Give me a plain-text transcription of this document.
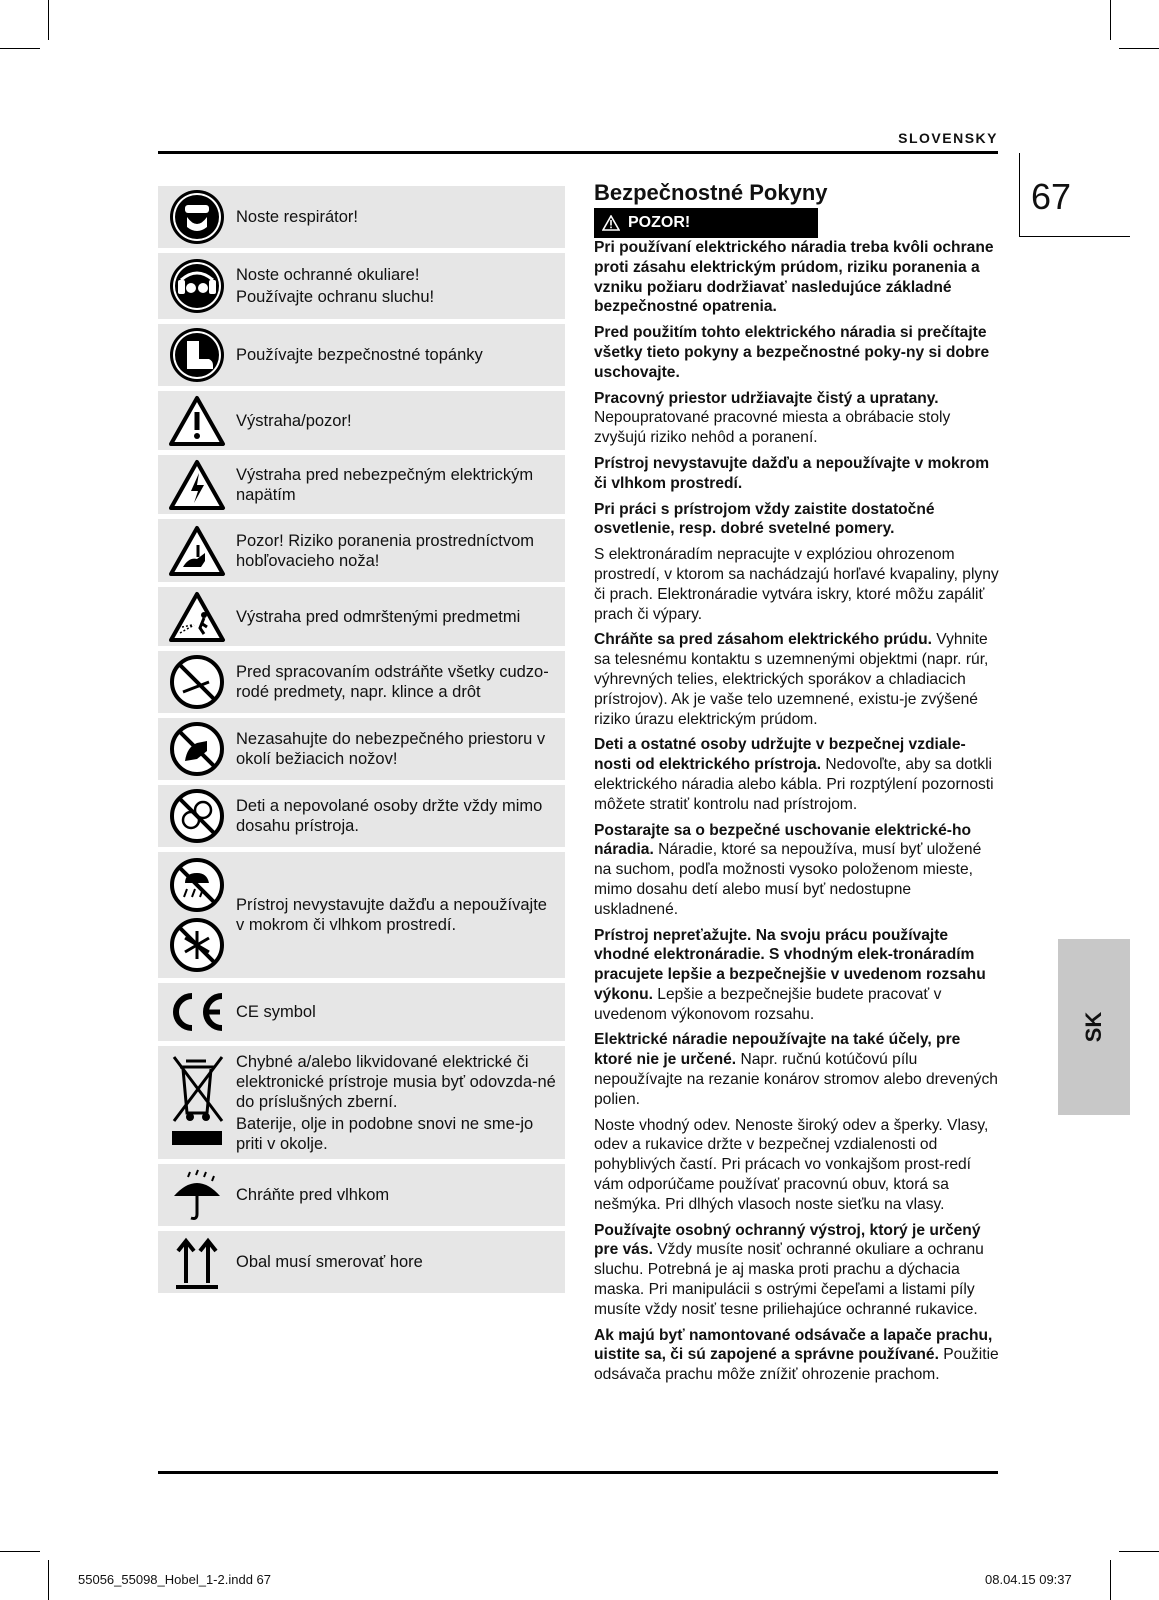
SLOVENSKY
67
SK
Noste respirátor!
Noste ochranné okuliare!
Používajte ochranu sluchu!
Používajte bezpečnostné topánky
Výstraha/pozor!
Výstraha pred nebezpečným elektrickým napätím
Pozor! Riziko poranenia prostredníctvom hobľovacieho noža!
Výstraha pred odmrštenými predmetmi
Pred spracovaním odstráňte všetky cudzo-rodé predmety, napr. klince a drôt
Nezasahujte do nebezpečného priestoru v okolí bežiacich nožov!
Deti a nepovolané osoby držte vždy mimo dosahu prístroja.
Prístroj nevystavujte dažďu a nepoužívajte v mokrom či vlhkom prostredí.
CE symbol
Chybné a/alebo likvidované elektrické či elektronické prístroje musia byť odovzda-né do príslušných zberní.
Baterije, olje in podobne snovi ne sme-jo priti v okolje.
Chráňte pred vlhkom
Obal musí smerovať hore
Bezpečnostné Pokyny
POZOR!
Pri používaní elektrického náradia treba kvôli ochrane proti zásahu elektrickým prúdom, riziku poranenia a vzniku požiaru dodržiavať nasledujúce základné bezpečnostné opatrenia.
Pred použitím tohto elektrického náradia si prečítajte všetky tieto pokyny a bezpečnostné poky-ny si dobre uschovajte.
Pracovný priestor udržiavajte čistý a upratany. Nepoupratované pracovné miesta a obrábacie stoly zvyšujú riziko nehôd a poranení.
Prístroj nevystavujte dažďu a nepoužívajte v mokrom či vlhkom prostredí.
Pri práci s prístrojom vždy zaistite dostatočné osvetlenie, resp. dobré svetelné pomery.
S elektronáradím nepracujte v explóziou ohrozenom prostredí, v ktorom sa nachádzajú horľavé kvapaliny, plyny či prach. Elektronáradie vytvára iskry, ktoré môžu zapáliť prach či výpary.
Chráňte sa pred zásahom elektrického prúdu. Vyhnite sa telesnému kontaktu s uzemnenými objektmi (napr. rúr, výhrevných telies, elektrických sporákov a chladiacich prístrojov). Ak je vaše telo uzemnené, existu-je zvýšené riziko úrazu elektrickým prúdom.
Deti a ostatné osoby udržujte v bezpečnej vzdiale-nosti od elektrického prístroja. Nedovoľte, aby sa dotkli elektrického náradia alebo kábla. Pri rozptýlení pozornosti môžete stratiť kontrolu nad prístrojom.
Postarajte sa o bezpečné uschovanie elektrické-ho náradia. Náradie, ktoré sa nepoužíva, musí byť uložené na suchom, podľa možnosti vysoko položenom mieste, mimo dosahu detí alebo musí byť nedostupne uskladnené.
Prístroj nepreťažujte. Na svoju prácu používajte vhodné elektronáradie. S vhodným elek-tronáradím pracujete lepšie a bezpečnejšie v uvedenom rozsahu výkonu. Lepšie a bezpečnejšie budete pracovať v uvedenom výkonovom rozsahu.
Elektrické náradie nepoužívajte na také účely, pre ktoré nie je určené. Napr. ručnú kotúčovú pílu nepoužívajte na rezanie konárov stromov alebo drevených polien.
Noste vhodný odev. Nenoste široký odev a šperky. Vlasy, odev a rukavice držte v bezpečnej vzdialenosti od pohyblivých častí. Pri prácach vo vonkajšom prost-redí vám odporúčame používať pracovnú obuv, ktorá sa nešmýka. Pri dlhých vlasoch noste sieťku na vlasy.
Používajte osobný ochranný výstroj, ktorý je určený pre vás. Vždy musíte nosiť ochranné okuliare a ochranu sluchu. Potrebná je aj maska proti prachu a dýchacia maska. Pri manipulácii s ostrými čepeľami a listami píly musíte vždy nosiť tesne priliehajúce ochranné rukavice.
Ak majú byť namontované odsávače a lapače prachu, uistite sa, či sú zapojené a správne používané. Použitie odsávača prachu môže znížiť ohrozenie prachom.
55056_55098_Hobel_1-2.indd 67	08.04.15 09:37
